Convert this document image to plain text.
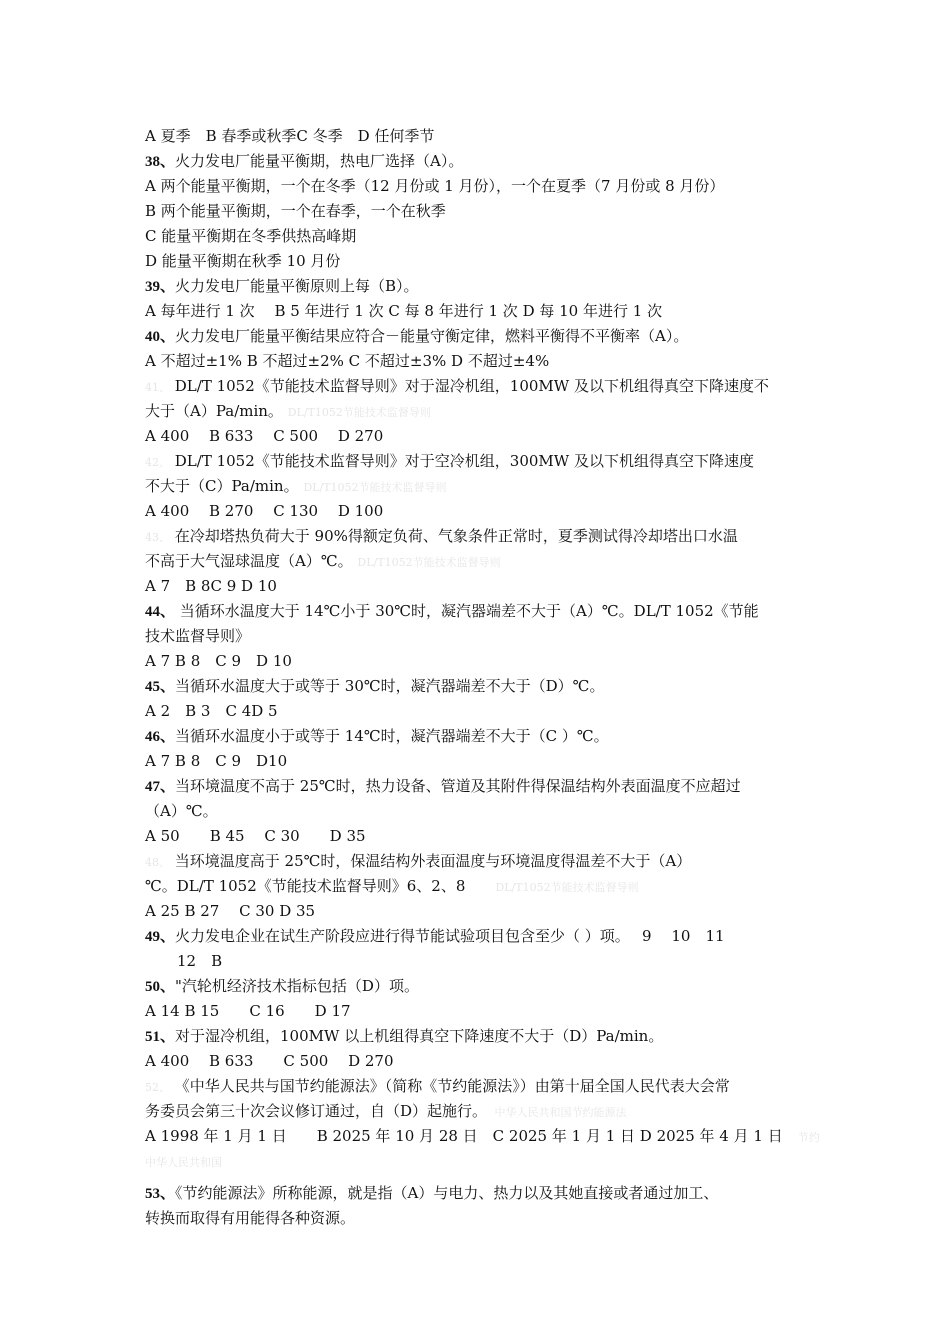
A 夏季　B 春季或秋季C 冬季　D 任何季节
38、火力发电厂能量平衡期，热电厂选择（A）。
A 两个能量平衡期，一个在冬季（12 月份或 1 月份），一个在夏季（7 月份或 8 月份）
B 两个能量平衡期，一个在春季，一个在秋季
C 能量平衡期在冬季供热高峰期
D 能量平衡期在秋季 10 月份
39、火力发电厂能量平衡原则上每（B）。
A 每年进行 1 次　 B 5 年进行 1 次 C 每 8 年进行 1 次 D 每 10 年进行 1 次
40、火力发电厂能量平衡结果应符合－能量守衡定律，燃料平衡得不平衡率（A）。
A 不超过±1% B 不超过±2% C 不超过±3% D 不超过±4%
41、 DL/T 1052《节能技术监督导则》对于湿冷机组，100MW 及以下机组得真空下降速度不
大于（A）Pa/min。 DL/T1052节能技术监督导则
A 400　 B 633　 C 500　 D 270
42、 DL/T 1052《节能技术监督导则》对于空冷机组，300MW 及以下机组得真空下降速度
不大于（C）Pa/min。 DL/T1052节能技术监督导则
A 400　 B 270　 C 130　 D 100
43、 在冷却塔热负荷大于 90%得额定负荷、气象条件正常时，夏季测试得冷却塔出口水温
不高于大气湿球温度（A）℃。 DL/T1052节能技术监督导则
A 7　B 8C 9 D 10
44、 当循环水温度大于 14℃小于 30℃时，凝汽器端差不大于（A）℃。DL/T 1052《节能
技术监督导则》
A 7 B 8　C 9　D 10
45、当循环水温度大于或等于 30℃时，凝汽器端差不大于（D）℃。
A 2　B 3　C 4D 5
46、当循环水温度小于或等于 14℃时，凝汽器端差不大于（C ）℃。
A 7 B 8　C 9　D10
47、当环境温度不高于 25℃时，热力设备、管道及其附件得保温结构外表面温度不应超过
（A）℃。
A 50　　B 45　 C 30　　D 35
48、 当环境温度高于 25℃时，保温结构外表面温度与环境温度得温差不大于（A）
℃。DL/T 1052《节能技术监督导则》6、2、8　　	DL/T1052节能技术监督导则
A 25 B 27　 C 30 D 35
49、火力发电企业在试生产阶段应进行得节能试验项目包含至少（ ）项。　 9　 10　11
12　B
50、"汽轮机经济技术指标包括（D）项。
A 14 B 15　　C 16　　D 17
51、对于湿冷机组，100MW 以上机组得真空下降速度不大于（D）Pa/min。
A 400　 B 633　　C 500　 D 270
52、 《中华人民共与国节约能源法》（简称《节约能源法》）由第十届全国人民代表大会常
务委员会第三十次会议修订通过，自（D）起施行。　 中华人民共和国节约能源法
A 1998 年 1 月 1 日　　B 2025 年 10 月 28 日　C 2025 年 1 月 1 日 D 2025 年 4 月 1 日　 节约
中华人民共和国
53、《节约能源法》所称能源，就是指（A）与电力、热力以及其她直接或者通过加工、
转换而取得有用能得各种资源。
